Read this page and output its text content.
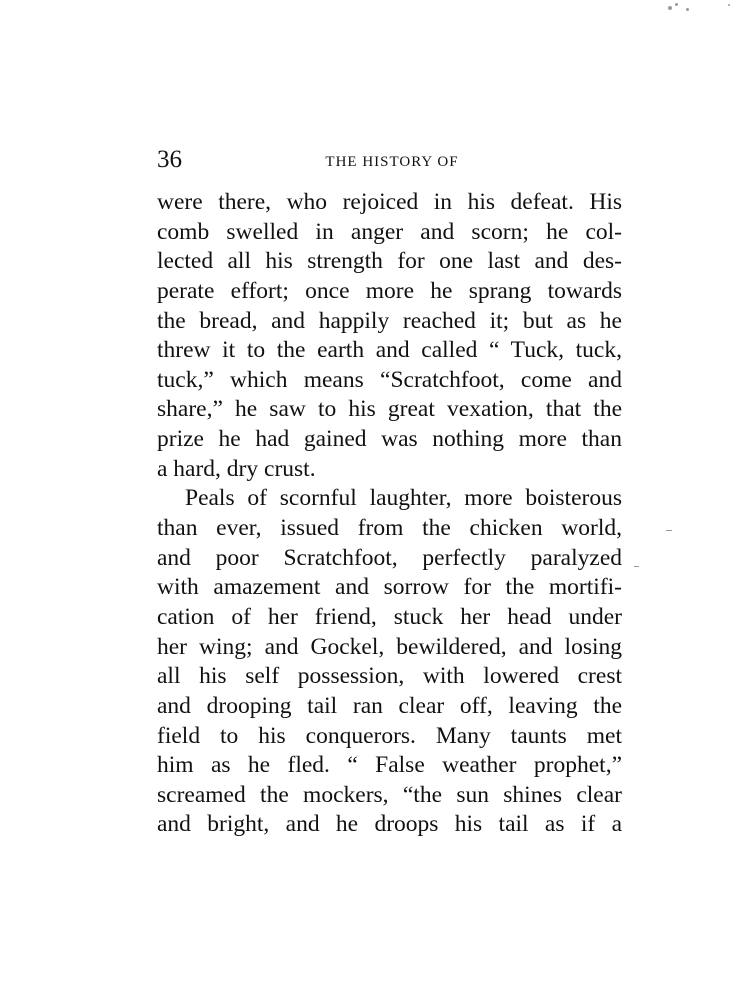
36	THE HISTORY OF
were there, who rejoiced in his defeat. His
comb swelled in anger and scorn; he col-
lected all his strength for one last and des-
perate effort; once more he sprang towards
the bread, and happily reached it; but as he
threw it to the earth and called “ Tuck, tuck,
tuck,” which means “Scratchfoot, come and
share,” he saw to his great vexation, that the
prize he had gained was nothing more than
a hard, dry crust.
Peals of scornful laughter, more boisterous
than ever, issued from the chicken world,
and poor Scratchfoot, perfectly paralyzed
with amazement and sorrow for the mortifi-
cation of her friend, stuck her head under
her wing; and Gockel, bewildered, and losing
all his self possession, with lowered crest
and drooping tail ran clear off, leaving the
field to his conquerors. Many taunts met
him as he fled. “ False weather prophet,”
screamed the mockers, “the sun shines clear
and bright, and he droops his tail as if a
